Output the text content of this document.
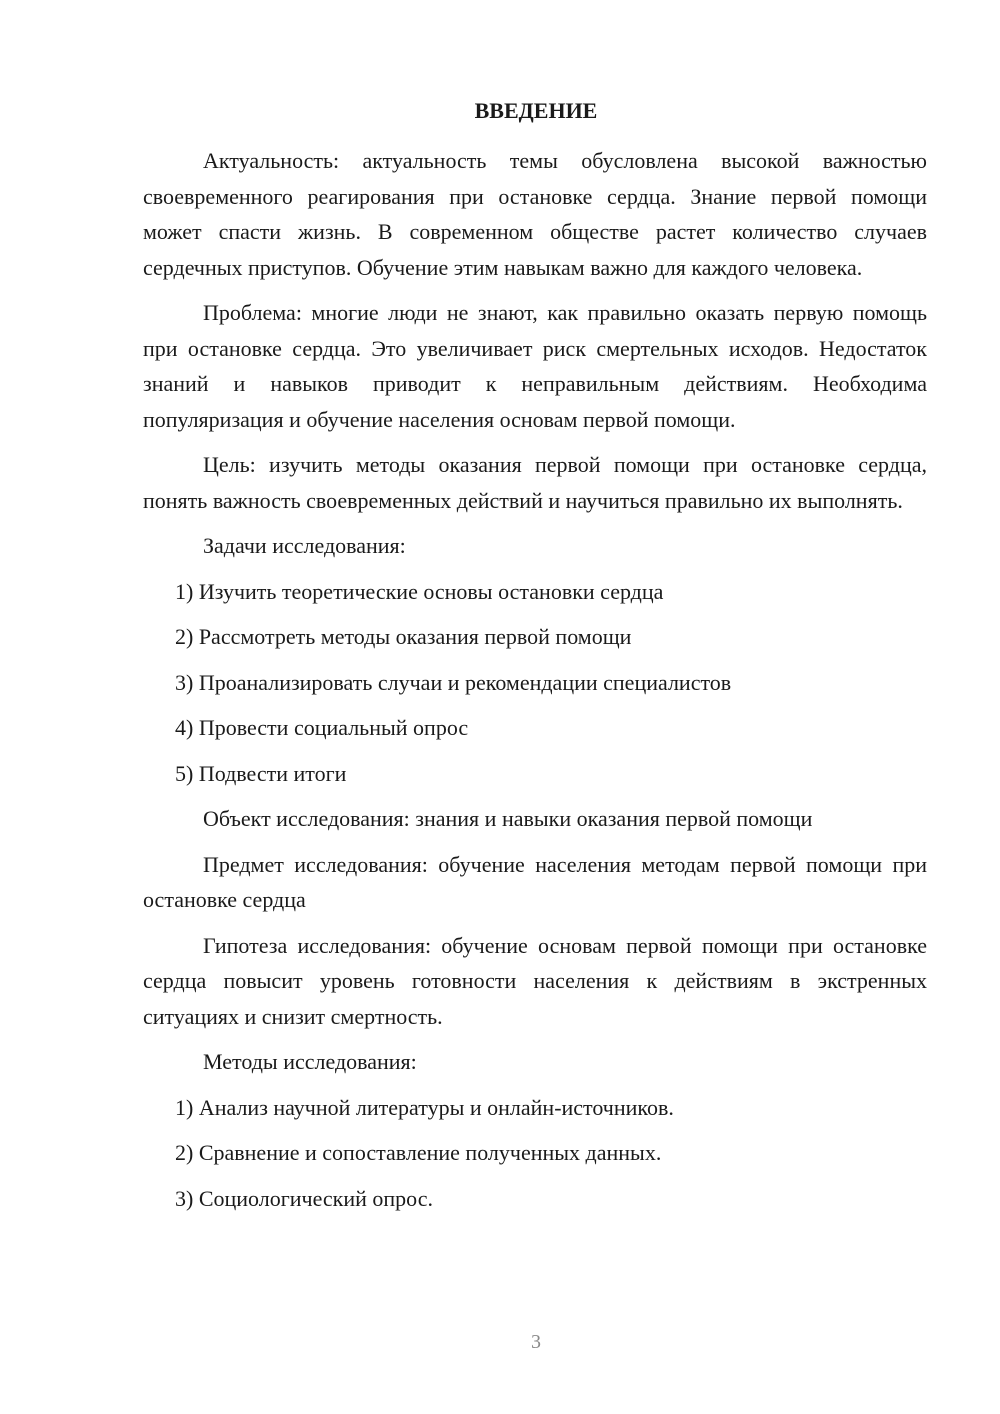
ВВЕДЕНИЕ

Актуальность: актуальность темы обусловлена высокой важностью своевременного реагирования при остановке сердца. Знание первой помощи может спасти жизнь. В современном обществе растет количество случаев сердечных приступов. Обучение этим навыкам важно для каждого человека.

Проблема: многие люди не знают, как правильно оказать первую помощь при остановке сердца. Это увеличивает риск смертельных исходов. Недостаток знаний и навыков приводит к неправильным действиям. Необходима популяризация и обучение населения основам первой помощи.

Цель: изучить методы оказания первой помощи при остановке сердца, понять важность своевременных действий и научиться правильно их выполнять.

Задачи исследования:

1) Изучить теоретические основы остановки сердца

2) Рассмотреть методы оказания первой помощи

3) Проанализировать случаи и рекомендации специалистов

4) Провести социальный опрос

5) Подвести итоги

Объект исследования: знания и навыки оказания первой помощи

Предмет исследования: обучение населения методам первой помощи при остановке сердца

Гипотеза исследования: обучение основам первой помощи при остановке сердца повысит уровень готовности населения к действиям в экстренных ситуациях и снизит смертность.

Методы исследования:

1) Анализ научной литературы и онлайн-источников.

2) Сравнение и сопоставление полученных данных.

3) Социологический опрос.

3
